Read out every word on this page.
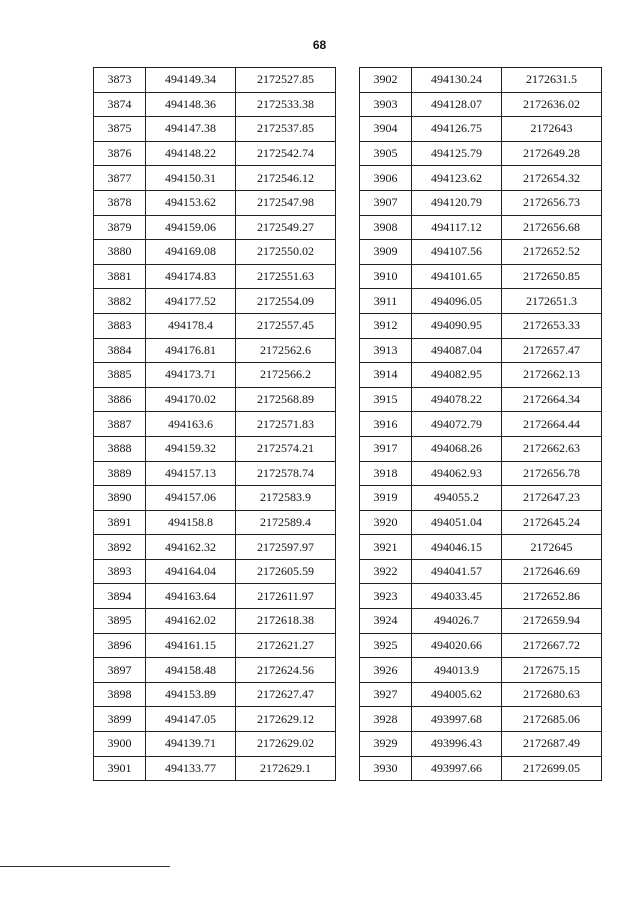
68
3873	494149.34	2172527.85
3874	494148.36	2172533.38
3875	494147.38	2172537.85
3876	494148.22	2172542.74
3877	494150.31	2172546.12
3878	494153.62	2172547.98
3879	494159.06	2172549.27
3880	494169.08	2172550.02
3881	494174.83	2172551.63
3882	494177.52	2172554.09
3883	494178.4	2172557.45
3884	494176.81	2172562.6
3885	494173.71	2172566.2
3886	494170.02	2172568.89
3887	494163.6	2172571.83
3888	494159.32	2172574.21
3889	494157.13	2172578.74
3890	494157.06	2172583.9
3891	494158.8	2172589.4
3892	494162.32	2172597.97
3893	494164.04	2172605.59
3894	494163.64	2172611.97
3895	494162.02	2172618.38
3896	494161.15	2172621.27
3897	494158.48	2172624.56
3898	494153.89	2172627.47
3899	494147.05	2172629.12
3900	494139.71	2172629.02
3901	494133.77	2172629.1
3902	494130.24	2172631.5
3903	494128.07	2172636.02
3904	494126.75	2172643
3905	494125.79	2172649.28
3906	494123.62	2172654.32
3907	494120.79	2172656.73
3908	494117.12	2172656.68
3909	494107.56	2172652.52
3910	494101.65	2172650.85
3911	494096.05	2172651.3
3912	494090.95	2172653.33
3913	494087.04	2172657.47
3914	494082.95	2172662.13
3915	494078.22	2172664.34
3916	494072.79	2172664.44
3917	494068.26	2172662.63
3918	494062.93	2172656.78
3919	494055.2	2172647.23
3920	494051.04	2172645.24
3921	494046.15	2172645
3922	494041.57	2172646.69
3923	494033.45	2172652.86
3924	494026.7	2172659.94
3925	494020.66	2172667.72
3926	494013.9	2172675.15
3927	494005.62	2172680.63
3928	493997.68	2172685.06
3929	493996.43	2172687.49
3930	493997.66	2172699.05
